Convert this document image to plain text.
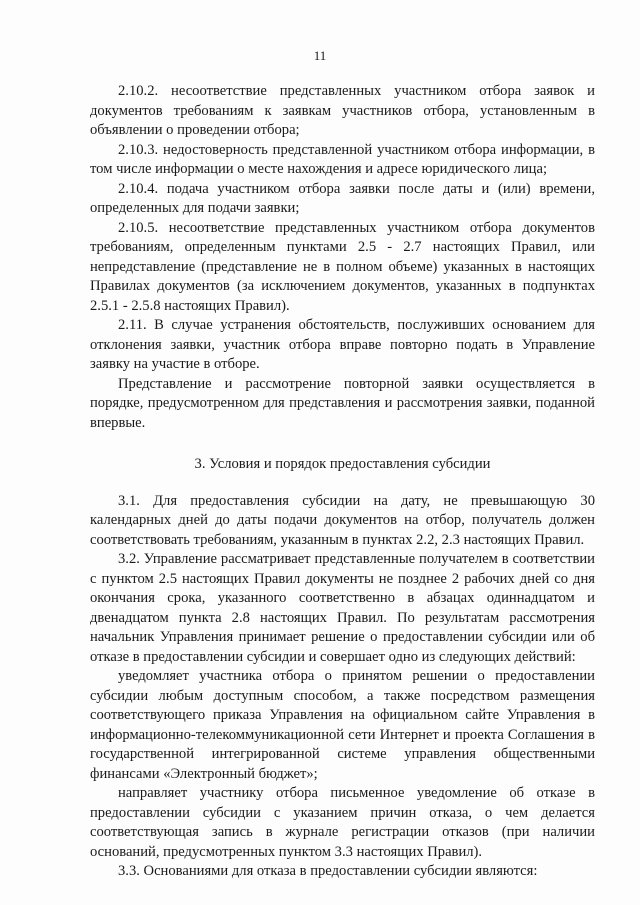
11

2.10.2. несоответствие представленных участником отбора заявок и документов требованиям к заявкам участников отбора, установленным в объявлении о проведении отбора;

2.10.3. недостоверность представленной участником отбора информации, в том числе информации о месте нахождения и адресе юридического лица;

2.10.4. подача участником отбора заявки после даты и (или) времени, определенных для подачи заявки;

2.10.5. несоответствие представленных участником отбора документов требованиям, определенным пунктами 2.5 - 2.7 настоящих Правил, или непредставление (представление не в полном объеме) указанных в настоящих Правилах документов (за исключением документов, указанных в подпунктах 2.5.1 - 2.5.8 настоящих Правил).

2.11. В случае устранения обстоятельств, послуживших основанием для отклонения заявки, участник отбора вправе повторно подать в Управление заявку на участие в отборе.

Представление и рассмотрение повторной заявки осуществляется в порядке, предусмотренном для представления и рассмотрения заявки, поданной впервые.

3. Условия и порядок предоставления субсидии

3.1. Для предоставления субсидии на дату, не превышающую 30 календарных дней до даты подачи документов на отбор, получатель должен соответствовать требованиям, указанным в пунктах 2.2, 2.3 настоящих Правил.

3.2. Управление рассматривает представленные получателем в соответствии с пунктом 2.5 настоящих Правил документы не позднее 2 рабочих дней со дня окончания срока, указанного соответственно в абзацах одиннадцатом и двенадцатом пункта 2.8 настоящих Правил. По результатам рассмотрения начальник Управления принимает решение о предоставлении субсидии или об отказе в предоставлении субсидии и совершает одно из следующих действий:

уведомляет участника отбора о принятом решении о предоставлении субсидии любым доступным способом, а также посредством размещения соответствующего приказа Управления на официальном сайте Управления в информационно-телекоммуникационной сети Интернет и проекта Соглашения в государственной интегрированной системе управления общественными финансами «Электронный бюджет»;

направляет участнику отбора письменное уведомление об отказе в предоставлении субсидии с указанием причин отказа, о чем делается соответствующая запись в журнале регистрации отказов (при наличии оснований, предусмотренных пунктом 3.3 настоящих Правил).

3.3. Основаниями для отказа в предоставлении субсидии являются:
